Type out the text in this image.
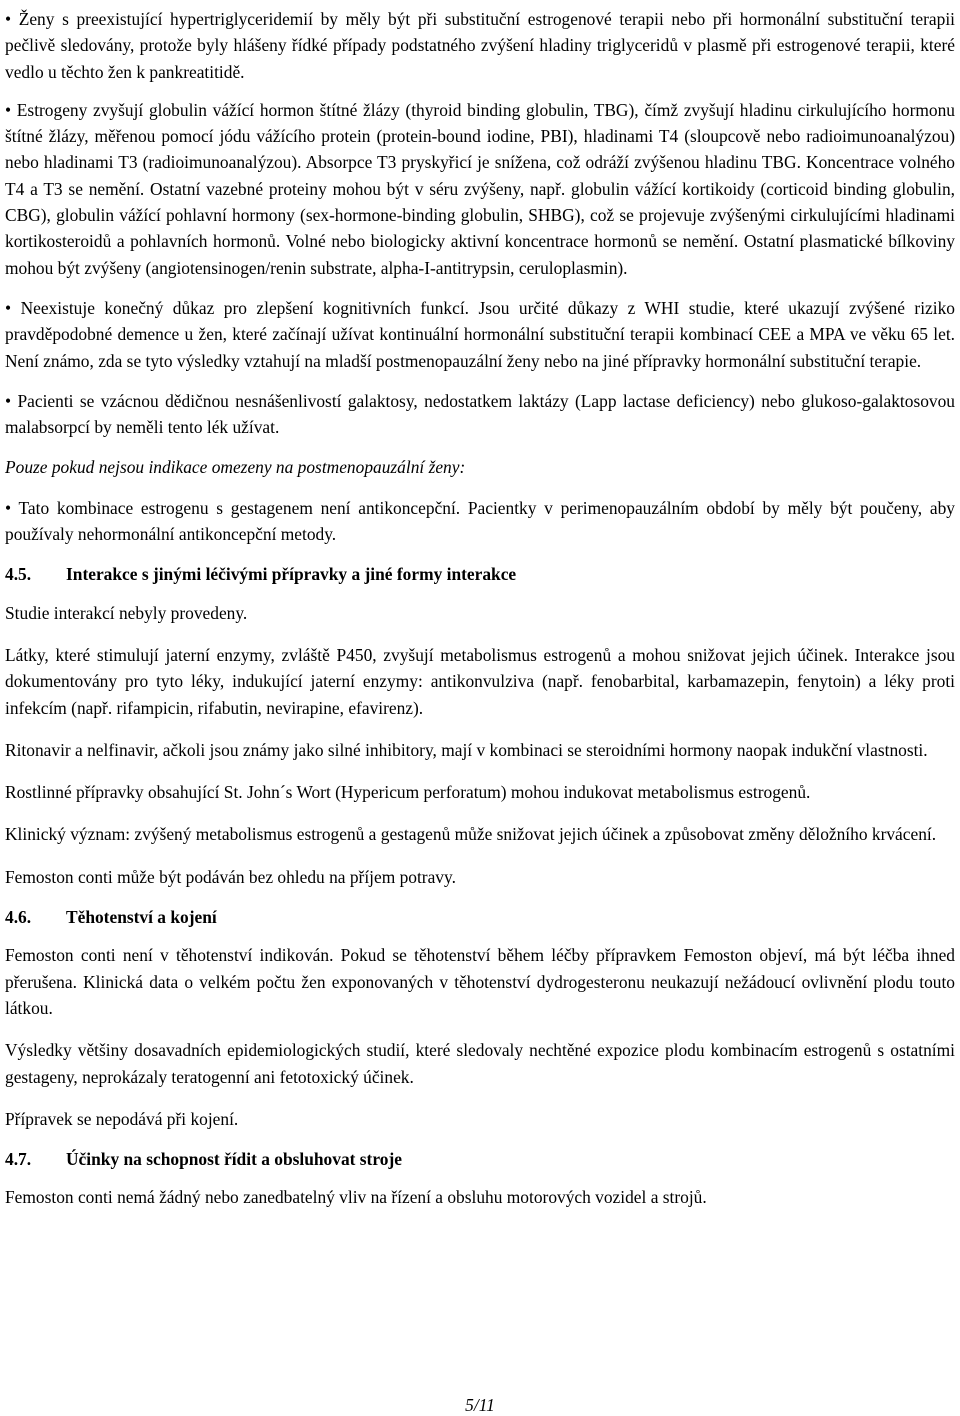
• Ženy s preexistující hypertriglyceridemií by měly být při substituční estrogenové terapii nebo při hormonální substituční terapii pečlivě sledovány, protože byly hlášeny řídké případy podstatného zvýšení hladiny triglyceridů v plasmě při estrogenové terapii, které vedlo u těchto žen k pankreatitidě.

• Estrogeny zvyšují globulin vážící hormon štítné žlázy (thyroid binding globulin, TBG), čímž zvyšují hladinu cirkulujícího hormonu štítné žlázy, měřenou pomocí jódu vážícího protein (protein-bound iodine, PBI), hladinami T4 (sloupcově nebo radioimunoanalýzou) nebo hladinami T3 (radioimunoanalýzou). Absorpce T3 pryskyřicí je snížena, což odráží zvýšenou hladinu TBG. Koncentrace volného T4 a T3 se nemění. Ostatní vazebné proteiny mohou být v séru zvýšeny, např. globulin vážící kortikoidy (corticoid binding globulin, CBG), globulin vážící pohlavní hormony (sex-hormone-binding globulin, SHBG), což se projevuje zvýšenými cirkulujícími hladinami kortikosteroidů a pohlavních hormonů. Volné nebo biologicky aktivní koncentrace hormonů se nemění. Ostatní plasmatické bílkoviny mohou být zvýšeny (angiotensinogen/renin substrate, alpha-I-antitrypsin, ceruloplasmin).

• Neexistuje konečný důkaz pro zlepšení kognitivních funkcí. Jsou určité důkazy z WHI studie, které ukazují zvýšené riziko pravděpodobné demence u žen, které začínají užívat kontinuální hormonální substituční terapii kombinací CEE a MPA ve věku 65 let. Není známo, zda se tyto výsledky vztahují na mladší postmenopauzální ženy nebo na jiné přípravky hormonální substituční terapie.

• Pacienti se vzácnou dědičnou nesnášenlivostí galaktosy, nedostatkem laktázy (Lapp lactase deficiency) nebo glukoso-galaktosovou malabsorpcí by neměli tento lék užívat.

Pouze pokud nejsou indikace omezeny na postmenopauzální ženy:

• Tato kombinace estrogenu s gestagenem není antikoncepční. Pacientky v perimenopauzálním období by měly být poučeny, aby používaly nehormonální antikoncepční metody.

4.5.	Interakce s jinými léčivými přípravky a jiné formy interakce

Studie interakcí nebyly provedeny.

Látky, které stimulují jaterní enzymy, zvláště P450, zvyšují metabolismus estrogenů a mohou snižovat jejich účinek. Interakce jsou dokumentovány pro tyto léky, indukující jaterní enzymy: antikonvulziva (např. fenobarbital, karbamazepin, fenytoin) a léky proti infekcím (např. rifampicin, rifabutin, nevirapine, efavirenz).

Ritonavir a nelfinavir, ačkoli jsou známy jako silné inhibitory, mají v kombinaci se steroidními hormony naopak indukční vlastnosti.

Rostlinné přípravky obsahující St. John´s Wort (Hypericum perforatum) mohou indukovat metabolismus estrogenů.

Klinický význam: zvýšený metabolismus estrogenů a gestagenů může snižovat jejich účinek a způsobovat změny děložního krvácení.

Femoston conti může být podáván bez ohledu na příjem potravy.

4.6.	Těhotenství a kojení

Femoston conti není v těhotenství indikován. Pokud se těhotenství během léčby přípravkem Femoston objeví, má být léčba ihned přerušena. Klinická data o velkém počtu žen exponovaných v těhotenství dydrogesteronu neukazují nežádoucí ovlivnění plodu touto látkou.

Výsledky většiny dosavadních epidemiologických studií, které sledovaly nechtěné expozice plodu kombinacím estrogenů s ostatními gestageny, neprokázaly teratogenní ani fetotoxický účinek.

Přípravek se nepodává při kojení.

4.7.	Účinky na schopnost řídit a obsluhovat stroje

Femoston conti nemá žádný nebo zanedbatelný vliv na řízení a obsluhu motorových vozidel a strojů.

5/11
